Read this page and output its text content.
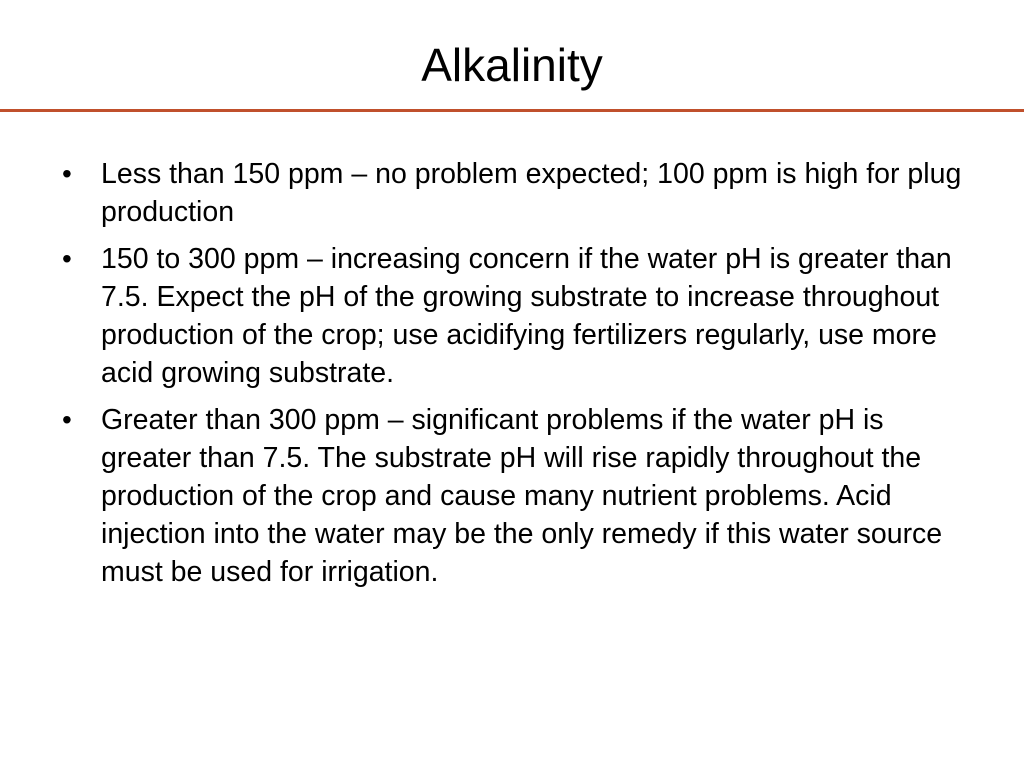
Alkalinity
• Less than 150 ppm – no problem expected; 100 ppm is high for plug production
• 150 to 300 ppm – increasing concern if the water pH is greater than 7.5. Expect the pH of the growing substrate to increase throughout production of the crop; use acidifying fertilizers regularly, use more acid growing substrate.
• Greater than 300 ppm – significant problems if the water pH is greater than 7.5. The substrate pH will rise rapidly throughout the production of the crop and cause many nutrient problems. Acid injection into the water may be the only remedy if this water source must be used for irrigation.
